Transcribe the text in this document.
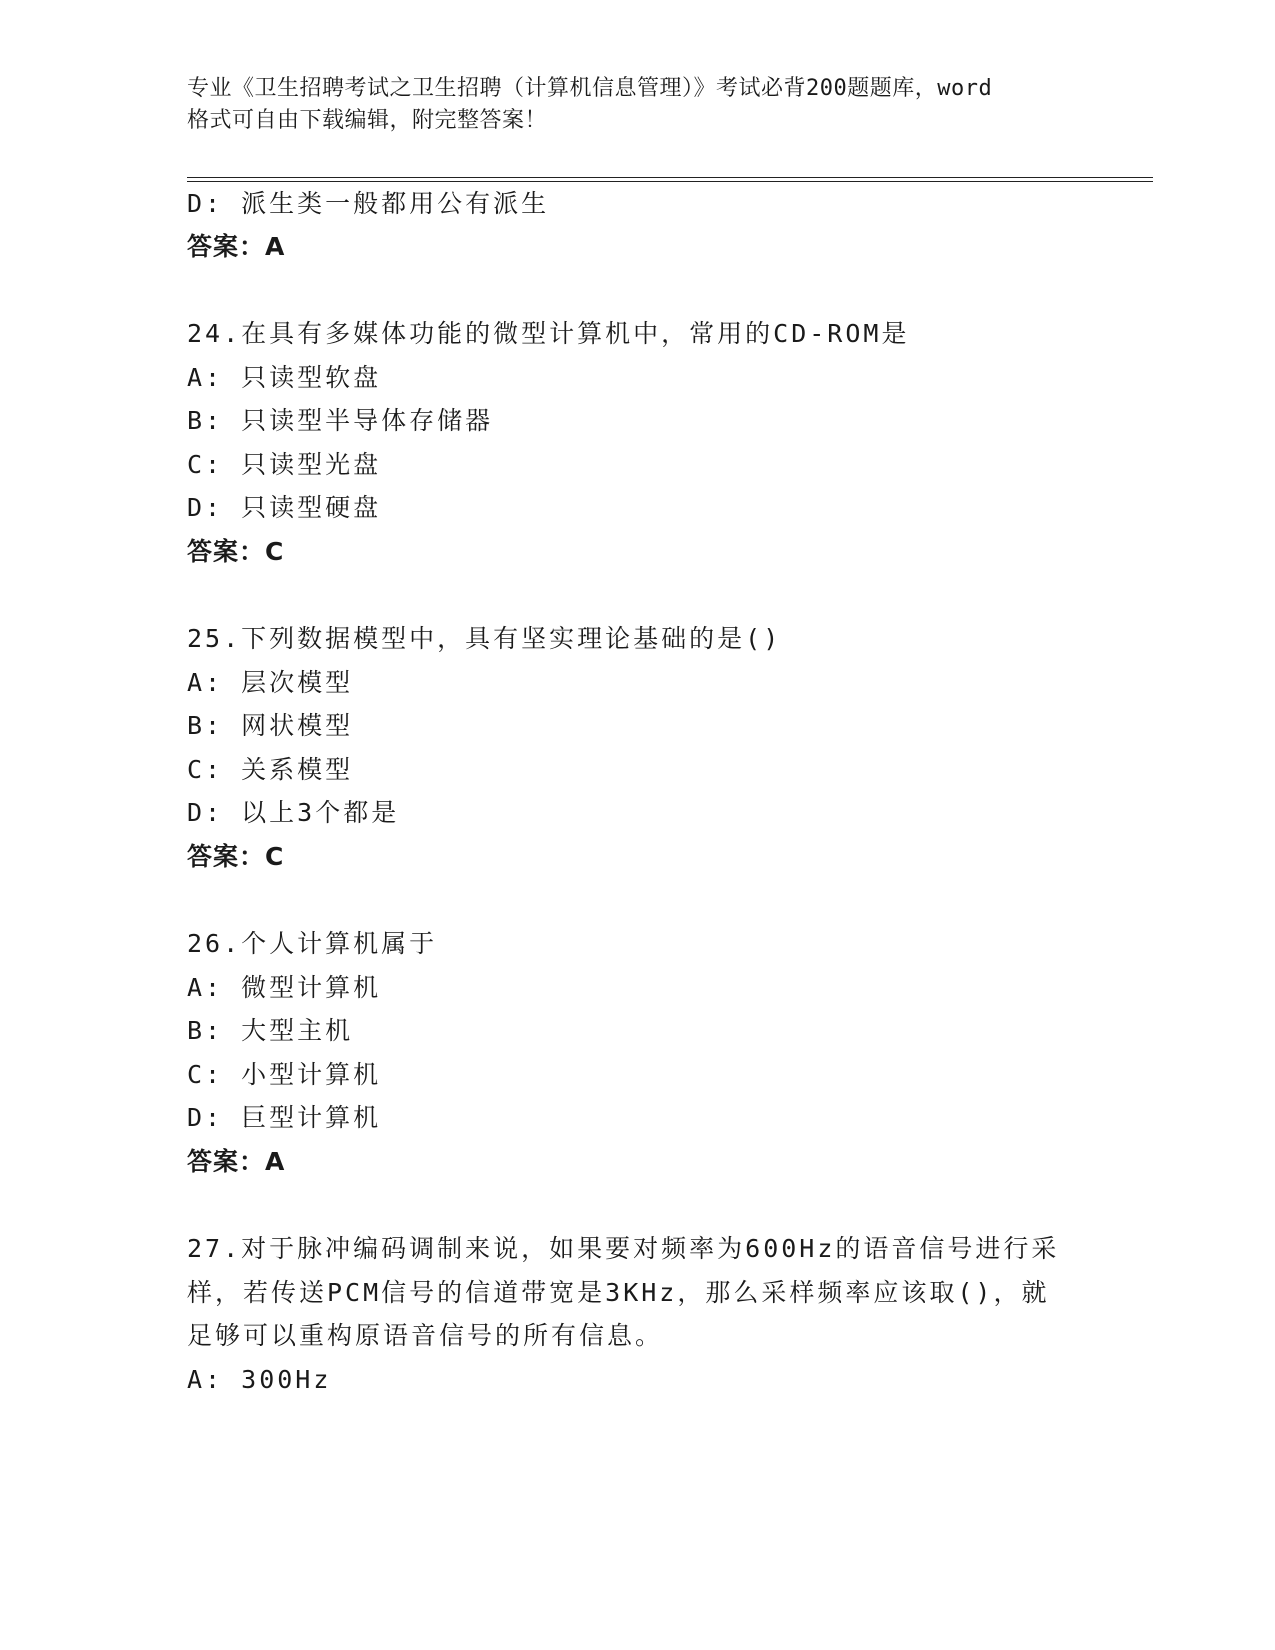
专业《卫生招聘考试之卫生招聘（计算机信息管理）》考试必背200题题库，word
格式可自由下载编辑，附完整答案！
D: 派生类一般都用公有派生
答案：A
24.在具有多媒体功能的微型计算机中，常用的CD-ROM是
A: 只读型软盘
B: 只读型半导体存储器
C: 只读型光盘
D: 只读型硬盘
答案：C
25.下列数据模型中，具有坚实理论基础的是()
A: 层次模型
B: 网状模型
C: 关系模型
D: 以上3个都是
答案：C
26.个人计算机属于
A: 微型计算机
B: 大型主机
C: 小型计算机
D: 巨型计算机
答案：A
27.对于脉冲编码调制来说，如果要对频率为600Hz的语音信号进行采
样，若传送PCM信号的信道带宽是3KHz，那么采样频率应该取()，就
足够可以重构原语音信号的所有信息。
A: 300Hz
